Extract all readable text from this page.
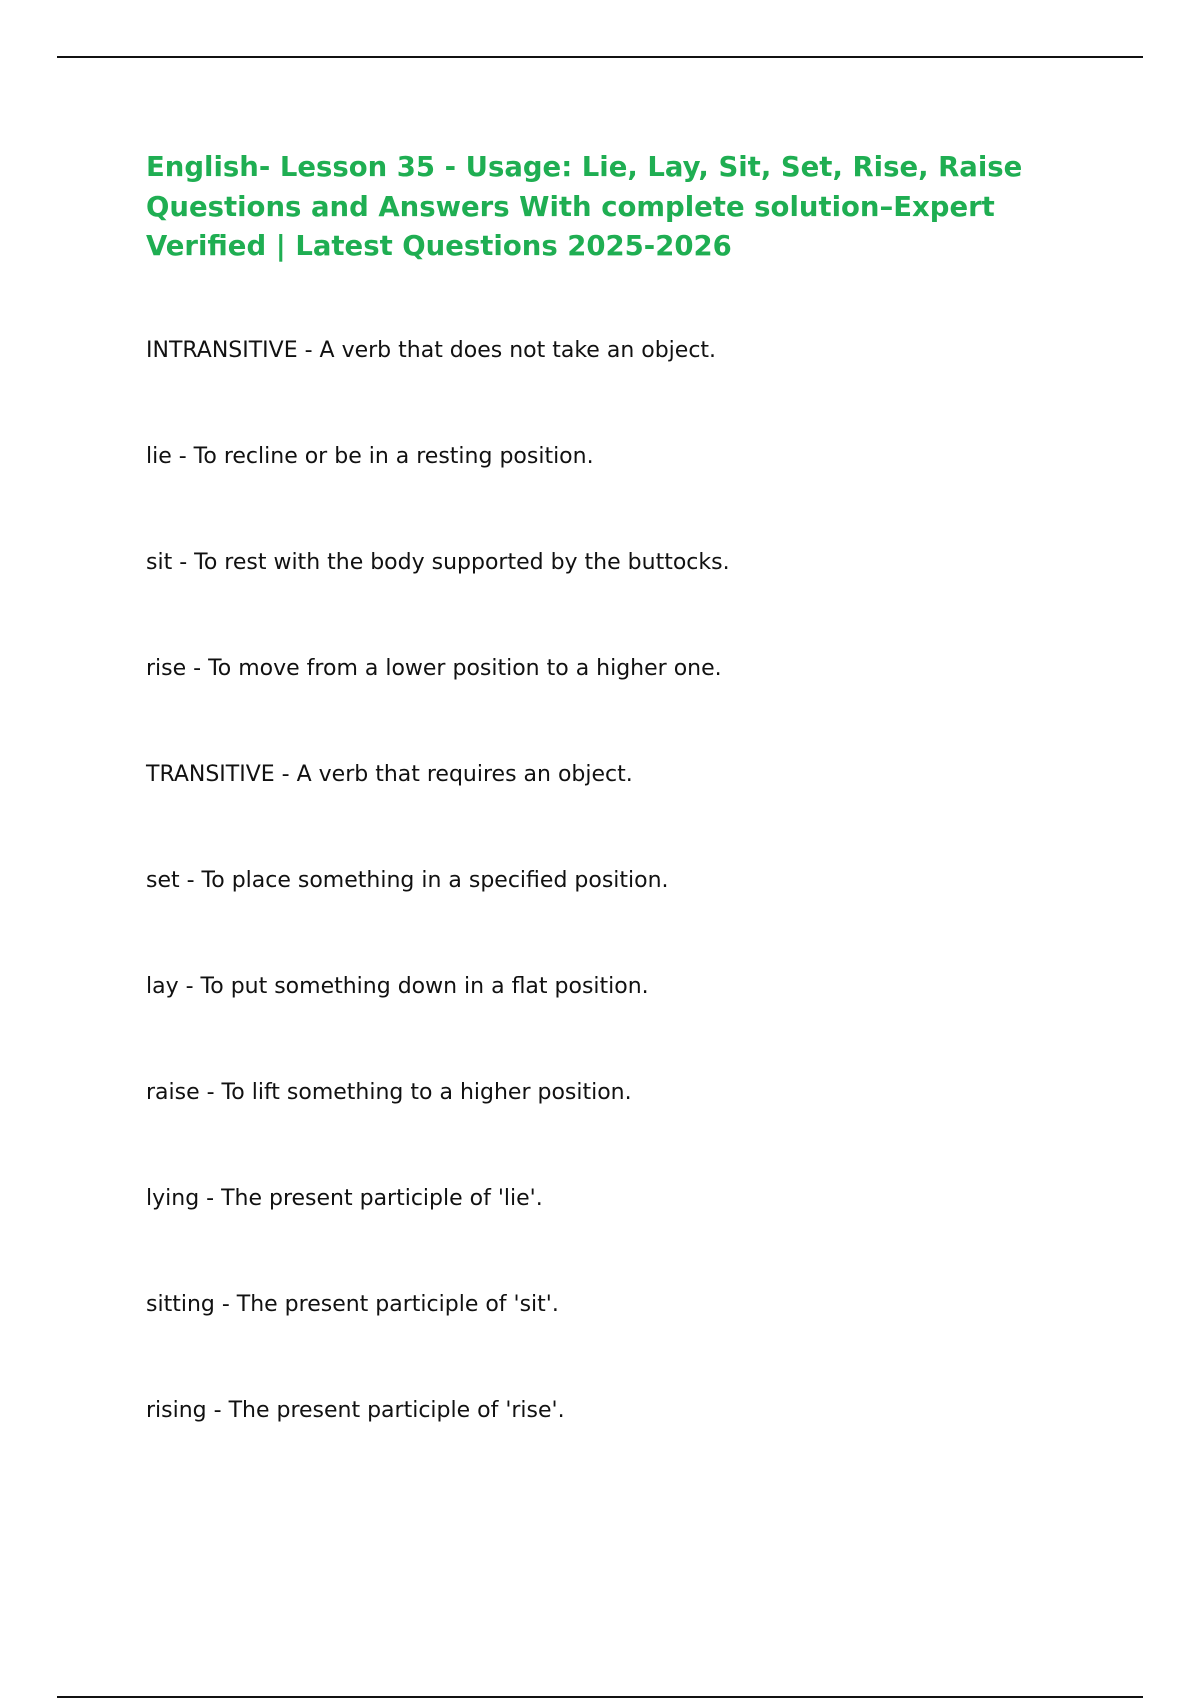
English- Lesson 35 - Usage: Lie, Lay, Sit, Set, Rise, Raise
Questions and Answers With complete solution–Expert
Verified | Latest Questions 2025-2026
INTRANSITIVE - A verb that does not take an object.
lie - To recline or be in a resting position.
sit - To rest with the body supported by the buttocks.
rise - To move from a lower position to a higher one.
TRANSITIVE - A verb that requires an object.
set - To place something in a specified position.
lay - To put something down in a flat position.
raise - To lift something to a higher position.
lying - The present participle of 'lie'.
sitting - The present participle of 'sit'.
rising - The present participle of 'rise'.
